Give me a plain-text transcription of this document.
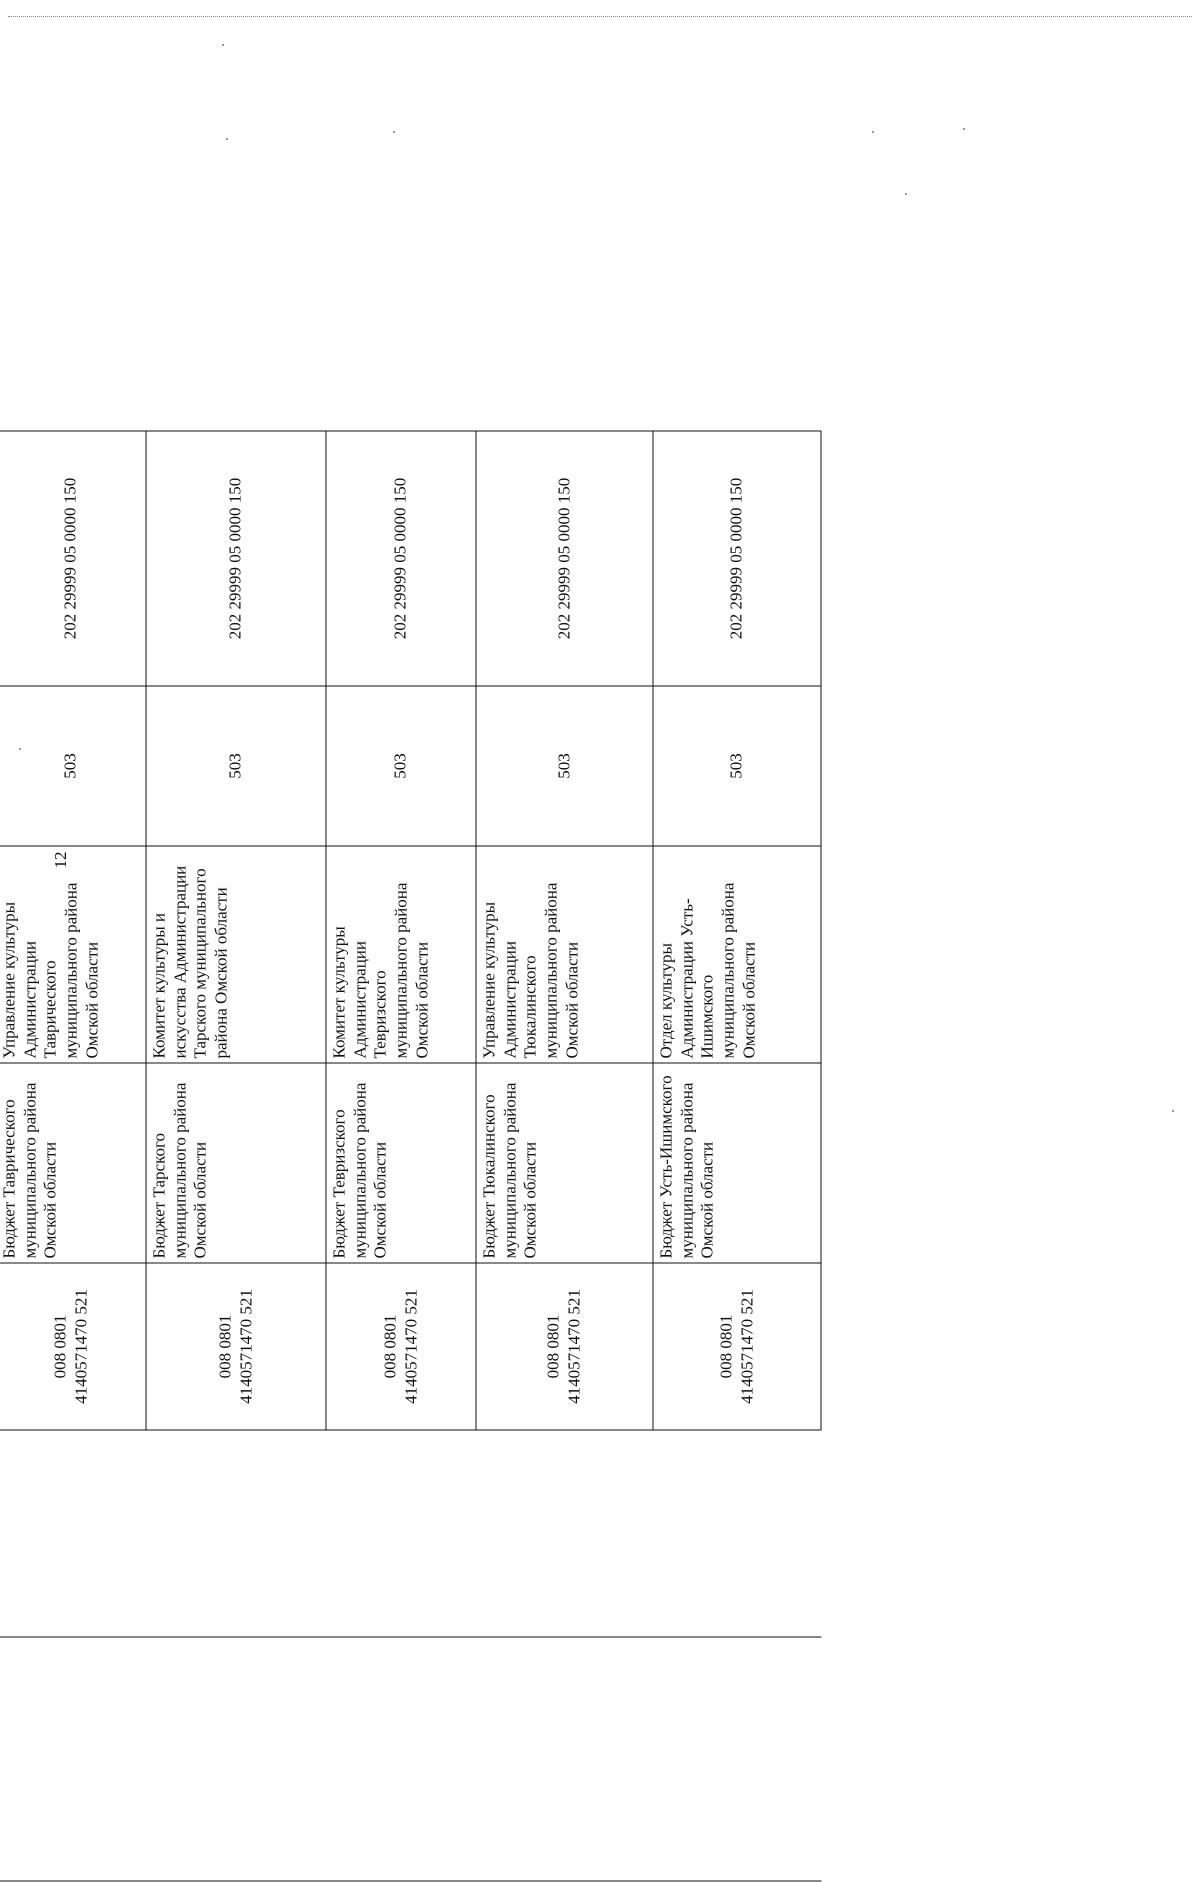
12

		008 0801 4140571470 521	Бюджет Таврического муниципального района Омской области	Управление культуры Администрации Таврического муниципального района Омской области	503	202 29999 05 0000 150

		008 0801 4140571470 521	Бюджет Тарского муниципального района Омской области	Комитет культуры и искусства Администрации Тарского муниципального района Омской области	503	202 29999 05 0000 150

		008 0801 4140571470 521	Бюджет Тевризского муниципального района Омской области	Комитет культуры Администрации Тевризского муниципального района Омской области	503	202 29999 05 0000 150

		008 0801 4140571470 521	Бюджет Тюкалинского муниципального района Омской области	Управление культуры Администрации Тюкалинского муниципального района Омской области	503	202 29999 05 0000 150

		008 0801 4140571470 521	Бюджет Усть-Ишимского муниципального района Омской области	Отдел культуры Администрации Усть-Ишимского муниципального района Омской области	503	202 29999 05 0000 150
